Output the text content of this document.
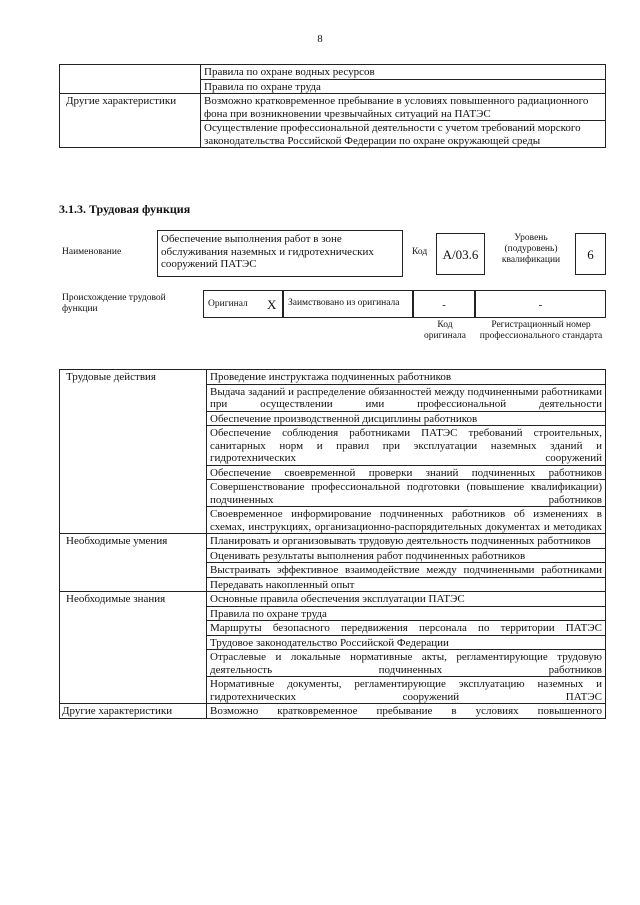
8
	Правила по охране водных ресурсов
	Правила по охране труда
Другие характеристики	Возможно кратковременное пребывание в условиях повышенного радиационного фона при возникновении чрезвычайных ситуаций на ПАТЭС
	Осуществление профессиональной деятельности с учетом требований морского законодательства Российской Федерации по охране окружающей среды
3.1.3. Трудовая функция
Наименование
Обеспечение выполнения работ в зоне обслуживания наземных и гидротехнических сооружений ПАТЭС
Код	A/03.6
Уровень (подуровень) квалификации	6
Происхождение трудовой функции	Оригинал X	Заимствовано из оригинала	-	-
Код оригинала
Регистрационный номер профессионального стандарта
Трудовые действия	Проведение инструктажа подчиненных работников
	Выдача заданий и распределение обязанностей между подчиненными работниками при осуществлении ими профессиональной деятельности
	Обеспечение производственной дисциплины работников
	Обеспечение соблюдения работниками ПАТЭС требований строительных, санитарных норм и правил при эксплуатации наземных зданий и гидротехнических сооружений
	Обеспечение своевременной проверки знаний подчиненных работников
	Совершенствование профессиональной подготовки (повышение квалификации) подчиненных работников
	Своевременное информирование подчиненных работников об изменениях в схемах, инструкциях, организационно-распорядительных документах и методиках
Необходимые умения	Планировать и организовывать трудовую деятельность подчиненных работников
	Оценивать результаты выполнения работ подчиненных работников
	Выстраивать эффективное взаимодействие между подчиненными работниками
	Передавать накопленный опыт
Необходимые знания	Основные правила обеспечения эксплуатации ПАТЭС
	Правила по охране труда
	Маршруты безопасного передвижения персонала по территории ПАТЭС
	Трудовое законодательство Российской Федерации
	Отраслевые и локальные нормативные акты, регламентирующие трудовую деятельность подчиненных работников
	Нормативные документы, регламентирующие эксплуатацию наземных и гидротехнических сооружений ПАТЭС
Другие характеристики	Возможно кратковременное пребывание в условиях повышенного
